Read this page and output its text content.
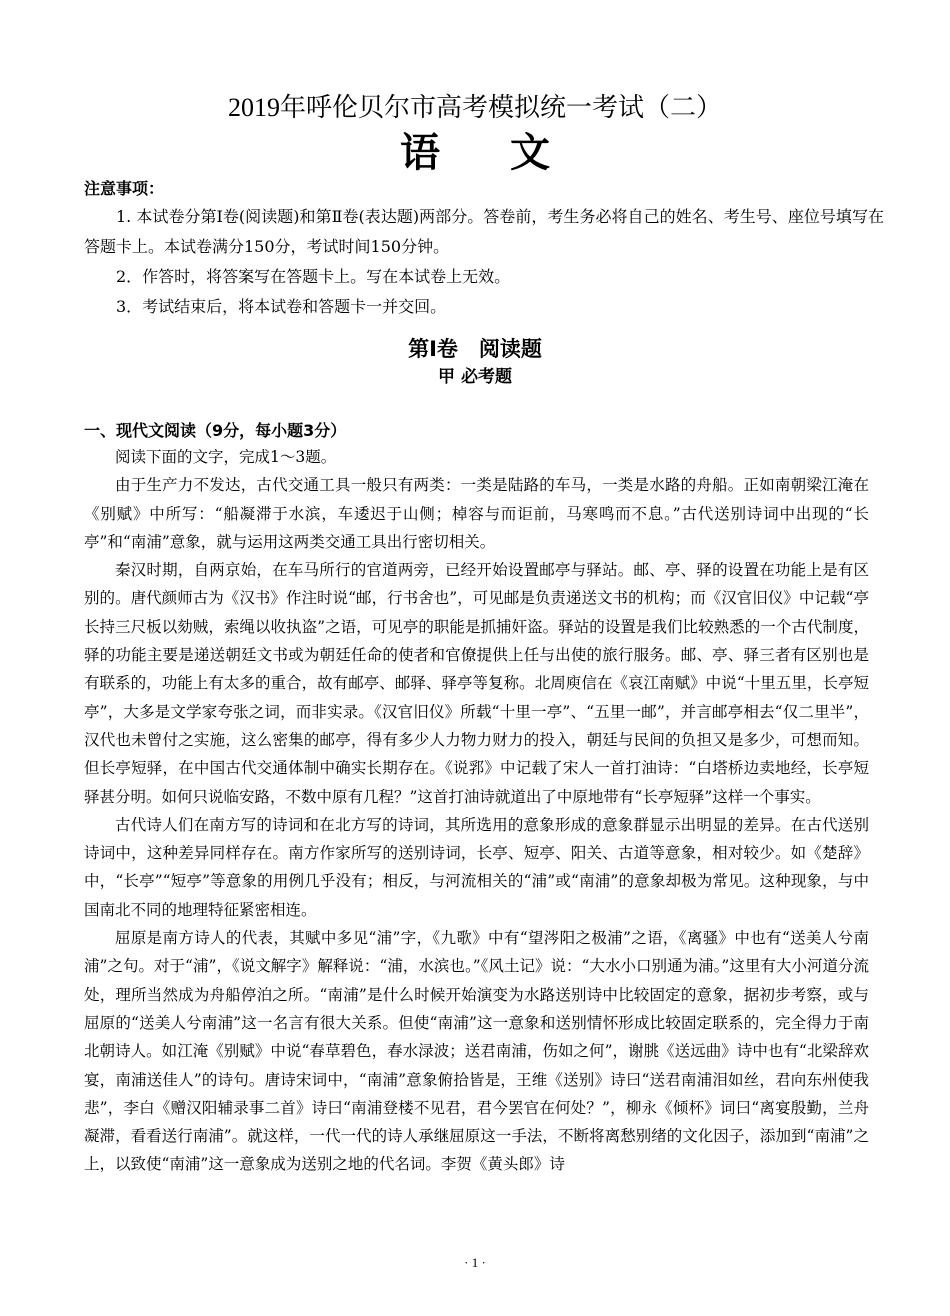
2019年呼伦贝尔市高考模拟统一考试（二）
语文
注意事项：

1. 本试卷分第Ⅰ卷(阅读题)和第Ⅱ卷(表达题)两部分。答卷前，考生务必将自己的姓名、考生号、座位号填写在答题卡上。本试卷满分150分，考试时间150分钟。

2．作答时，将答案写在答题卡上。写在本试卷上无效。

3．考试结束后，将本试卷和答题卡一并交回。

第Ⅰ卷　阅读题
甲 必考题
一、现代文阅读（9分，每小题3分）

阅读下面的文字，完成1～3题。

由于生产力不发达，古代交通工具一般只有两类：一类是陆路的车马，一类是水路的舟船。正如南朝梁江淹在《别赋》中所写：“船凝滞于水滨，车逶迟于山侧；棹容与而讵前，马寒鸣而不息。”古代送别诗词中出现的“长亭”和“南浦”意象，就与运用这两类交通工具出行密切相关。

秦汉时期，自两京始，在车马所行的官道两旁，已经开始设置邮亭与驿站。邮、亭、驿的设置在功能上是有区别的。唐代颜师古为《汉书》作注时说“邮，行书舍也”，可见邮是负责递送文书的机构；而《汉官旧仪》中记载“亭长持三尺板以劾贼，索绳以收执盗”之语，可见亭的职能是抓捕奸盗。驿站的设置是我们比较熟悉的一个古代制度，驿的功能主要是递送朝廷文书或为朝廷任命的使者和官僚提供上任与出使的旅行服务。邮、亭、驿三者有区别也是有联系的，功能上有太多的重合，故有邮亭、邮驿、驿亭等复称。北周庾信在《哀江南赋》中说“十里五里，长亭短亭”，大多是文学家夸张之词，而非实录。《汉官旧仪》所载“十里一亭”、“五里一邮”，并言邮亭相去“仅二里半”，汉代也未曾付之实施，这么密集的邮亭，得有多少人力物力财力的投入，朝廷与民间的负担又是多少，可想而知。但长亭短驿，在中国古代交通体制中确实长期存在。《说郛》中记载了宋人一首打油诗：“白塔桥边卖地经，长亭短驿甚分明。如何只说临安路，不数中原有几程？”这首打油诗就道出了中原地带有“长亭短驿”这样一个事实。

古代诗人们在南方写的诗词和在北方写的诗词，其所选用的意象形成的意象群显示出明显的差异。在古代送别诗词中，这种差异同样存在。南方作家所写的送别诗词，长亭、短亭、阳关、古道等意象，相对较少。如《楚辞》中，“长亭”“短亭”等意象的用例几乎没有；相反，与河流相关的“浦”或“南浦”的意象却极为常见。这种现象，与中国南北不同的地理特征紧密相连。

屈原是南方诗人的代表，其赋中多见“浦”字，《九歌》中有“望涔阳之极浦”之语，《离骚》中也有“送美人兮南浦”之句。对于“浦”，《说文解字》解释说：“浦，水滨也。”《风土记》说：“大水小口别通为浦。”这里有大小河道分流处，理所当然成为舟船停泊之所。“南浦”是什么时候开始演变为水路送别诗中比较固定的意象，据初步考察，或与屈原的“送美人兮南浦”这一名言有很大关系。但使“南浦”这一意象和送别情怀形成比较固定联系的，完全得力于南北朝诗人。如江淹《别赋》中说“春草碧色，春水渌波；送君南浦，伤如之何”，谢朓《送远曲》诗中也有“北梁辞欢宴，南浦送佳人”的诗句。唐诗宋词中，“南浦”意象俯拾皆是，王维《送别》诗曰“送君南浦泪如丝，君向东州使我悲”，李白《赠汉阳辅录事二首》诗曰“南浦登楼不见君，君今罢官在何处？”，柳永《倾杯》词曰“离宴殷勤，兰舟凝滞，看看送行南浦”。就这样，一代一代的诗人承继屈原这一手法，不断将离愁别绪的文化因子，添加到“南浦”之上，以致使“南浦”这一意象成为送别之地的代名词。李贺《黄头郎》诗

· 1 ·
